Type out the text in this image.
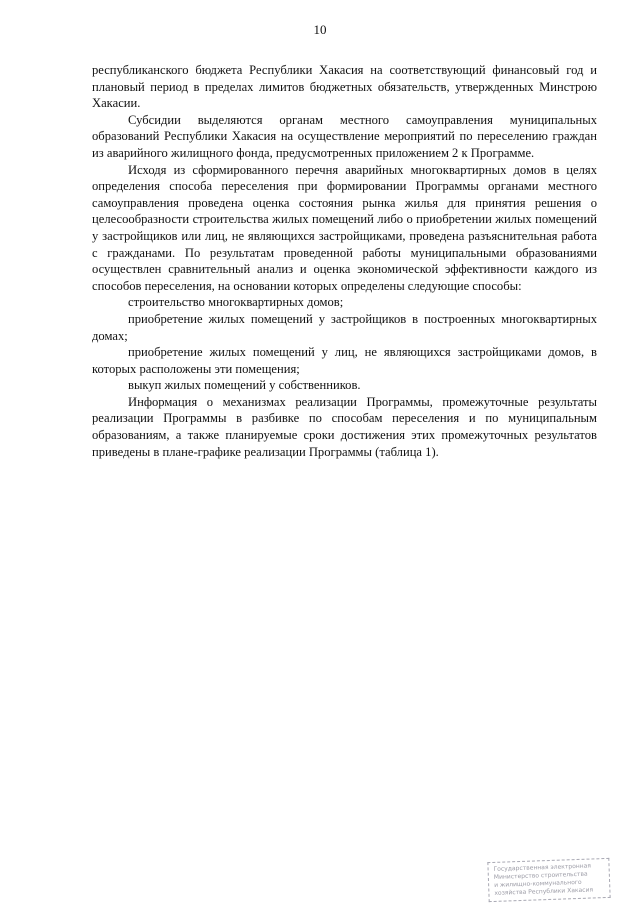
10

республиканского бюджета Республики Хакасия на соответствующий финансовый год и плановый период в пределах лимитов бюджетных обязательств, утвержденных Минстрою Хакасии.

Субсидии выделяются органам местного самоуправления муниципальных образований Республики Хакасия на осуществление мероприятий по переселению граждан из аварийного жилищного фонда, предусмотренных приложением 2 к Программе.

Исходя из сформированного перечня аварийных многоквартирных домов в целях определения способа переселения при формировании Программы органами местного самоуправления проведена оценка состояния рынка жилья для принятия решения о целесообразности строительства жилых помещений либо о приобретении жилых помещений у застройщиков или лиц, не являющихся застройщиками, проведена разъяснительная работа с гражданами. По результатам проведенной работы муниципальными образованиями осуществлен сравнительный анализ и оценка экономической эффективности каждого из способов переселения, на основании которых определены следующие способы:

строительство многоквартирных домов;

приобретение жилых помещений у застройщиков в построенных многоквартирных домах;

приобретение жилых помещений у лиц, не являющихся застройщиками домов, в которых расположены эти помещения;

выкуп жилых помещений у собственников.

Информация о механизмах реализации Программы, промежуточные результаты реализации Программы в разбивке по способам переселения и по муниципальным образованиям, а также планируемые сроки достижения этих промежуточных результатов приведены в плане-графике реализации Программы (таблица 1).

Государственная электронная
Министерство строительства
и жилищно-коммунального
хозяйства Республики Хакасия
